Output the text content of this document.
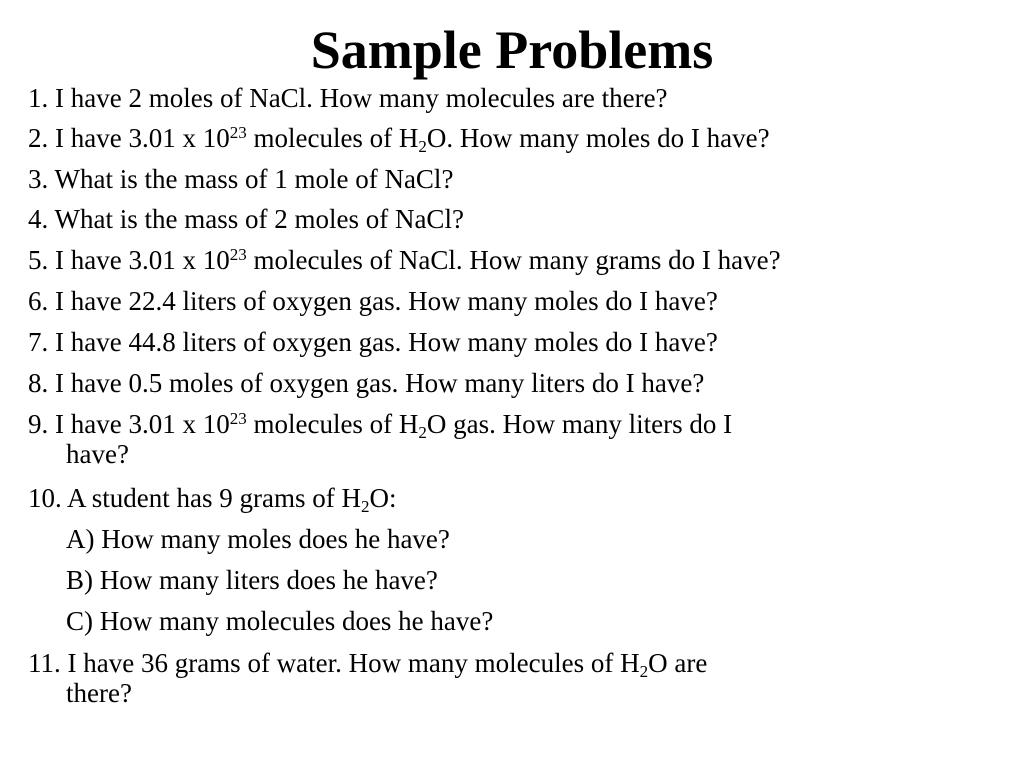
Sample Problems
1. I have 2 moles of NaCl. How many molecules are there?
2. I have 3.01 x $10^{23}$ molecules of $H_2O$. How many moles do I have?
3. What is the mass of 1 mole of NaCl?
4. What is the mass of 2 moles of NaCl?
5. I have 3.01 x $10^{23}$ molecules of NaCl. How many grams do I have?
6. I have 22.4 liters of oxygen gas. How many moles do I have?
7. I have 44.8 liters of oxygen gas. How many moles do I have?
8. I have 0.5 moles of oxygen gas. How many liters do I have?
9. I have 3.01 x $10^{23}$ molecules of $H_2O$ gas. How many liters do I
have?
10. A student has 9 grams of $H_2O$:
A) How many moles does he have?
B) How many liters does he have?
C) How many molecules does he have?
11. I have 36 grams of water. How many molecules of $H_2O$ are
there?
